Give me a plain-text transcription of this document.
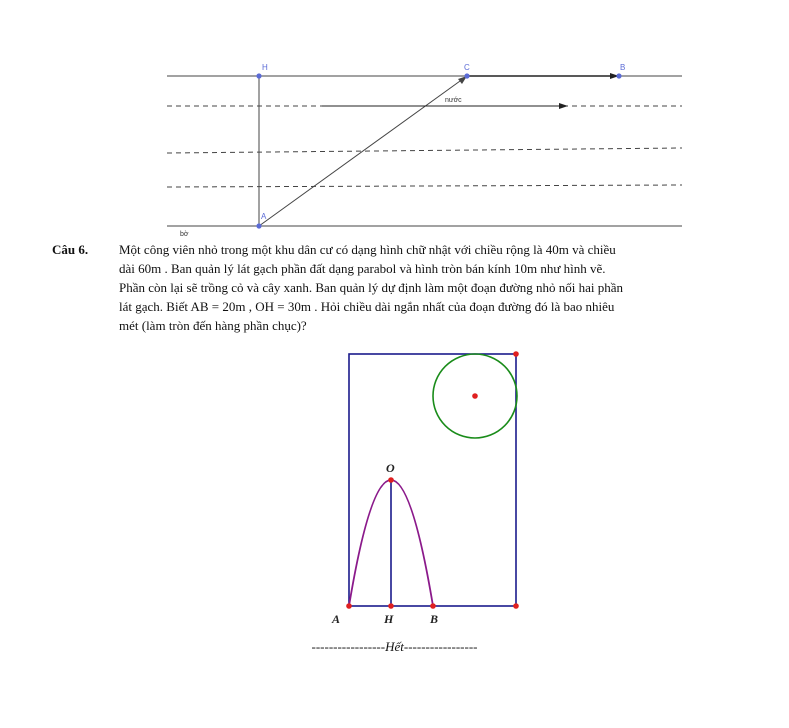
H	C	B
A
nước
bờ
Câu 6. Một công viên nhỏ trong một khu dân cư có dạng hình chữ nhật với chiều rộng là 40m và chiều
dài 60m . Ban quản lý lát gạch phần đất dạng parabol và hình tròn bán kính 10m như hình vẽ.
Phần còn lại sẽ trồng cỏ và cây xanh. Ban quản lý dự định làm một đoạn đường nhỏ nối hai phần
lát gạch. Biết AB = 20m , OH = 30m . Hỏi chiều dài ngắn nhất của đoạn đường đó là bao nhiêu
mét (làm tròn đến hàng phần chục)?
O
A	H	B
-----------------Hết-----------------
